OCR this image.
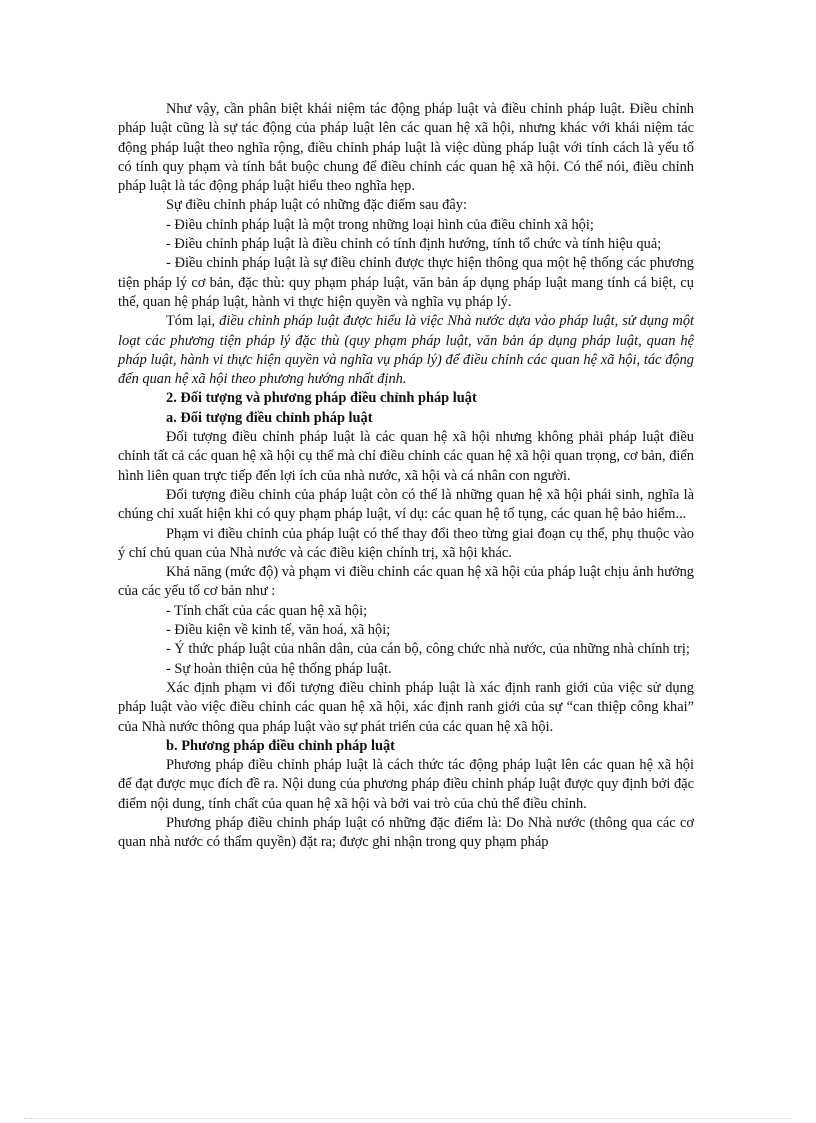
Như vậy, cần phân biệt khái niệm tác động pháp luật và điều chỉnh pháp luật. Điều chỉnh pháp luật cũng là sự tác động của pháp luật lên các quan hệ xã hội, nhưng khác với khái niệm tác động pháp luật theo nghĩa rộng, điều chỉnh pháp luật là việc dùng pháp luật với tính cách là yếu tố có tính quy phạm và tính bắt buộc chung để điều chỉnh các quan hệ xã hội. Có thể nói, điều chỉnh pháp luật là tác động pháp luật hiểu theo nghĩa hẹp.

Sự điều chỉnh pháp luật có những đặc điểm sau đây:

- Điều chỉnh pháp luật là một trong những loại hình của điều chỉnh xã hội;

- Điều chỉnh pháp luật là điều chỉnh có tính định hướng, tính tổ chức và tính hiệu quả;

- Điều chỉnh pháp luật là sự điều chỉnh được thực hiện thông qua một hệ thống các phương tiện pháp lý cơ bản, đặc thù: quy phạm pháp luật, văn bản áp dụng pháp luật mang tính cá biệt, cụ thể, quan hệ pháp luật, hành vi thực hiện quyền và nghĩa vụ pháp lý.

Tóm lại, điều chỉnh pháp luật được hiểu là việc Nhà nước dựa vào pháp luật, sử dụng một loạt các phương tiện pháp lý đặc thù (quy phạm pháp luật, văn bản áp dụng pháp luật, quan hệ pháp luật, hành vi thực hiện quyền và nghĩa vụ pháp lý) để điều chỉnh các quan hệ xã hội, tác động đến quan hệ xã hội theo phương hướng nhất định.

2. Đối tượng và phương pháp điều chỉnh pháp luật

a. Đối tượng điều chỉnh pháp luật

Đối tượng điều chỉnh pháp luật là các quan hệ xã hội nhưng không phải pháp luật điều chỉnh tất cả các quan hệ xã hội cụ thể mà chỉ điều chỉnh các quan hệ xã hội quan trọng, cơ bản, điển hình liên quan trực tiếp đến lợi ích của nhà nước, xã hội và cá nhân con người.

Đối tượng điều chỉnh của pháp luật còn có thể là những quan hệ xã hội phái sinh, nghĩa là chúng chỉ xuất hiện khi có quy phạm pháp luật, ví dụ: các quan hệ tố tụng, các quan hệ bảo hiểm...

Phạm vi điều chỉnh của pháp luật có thể thay đổi theo từng giai đoạn cụ thể, phụ thuộc vào ý chí chủ quan của Nhà nước và các điều kiện chính trị, xã hội khác.

Khả năng (mức độ) và phạm vi điều chỉnh các quan hệ xã hội của pháp luật chịu ảnh hưởng của các yếu tố cơ bản như :

- Tính chất của các quan hệ xã hội;

- Điều kiện về kinh tế, văn hoá, xã hội;

- Ý thức pháp luật của nhân dân, của cán bộ, công chức nhà nước, của những nhà chính trị;

- Sự hoàn thiện của hệ thống pháp luật.

Xác định phạm vi đối tượng điều chỉnh pháp luật là xác định ranh giới của việc sử dụng pháp luật vào việc điều chỉnh các quan hệ xã hội, xác định ranh giới của sự “can thiệp công khai” của Nhà nước thông qua pháp luật vào sự phát triển của các quan hệ xã hội.

b. Phương pháp điều chỉnh pháp luật

Phương pháp điều chỉnh pháp luật là cách thức tác động pháp luật lên các quan hệ xã hội để đạt được mục đích đề ra. Nội dung của phương pháp điều chỉnh pháp luật được quy định bởi đặc điểm nội dung, tính chất của quan hệ xã hội và bởi vai trò của chủ thể điều chỉnh.

Phương pháp điều chỉnh pháp luật có những đặc điểm là: Do Nhà nước (thông qua các cơ quan nhà nước có thẩm quyền) đặt ra; được ghi nhận trong quy phạm pháp
